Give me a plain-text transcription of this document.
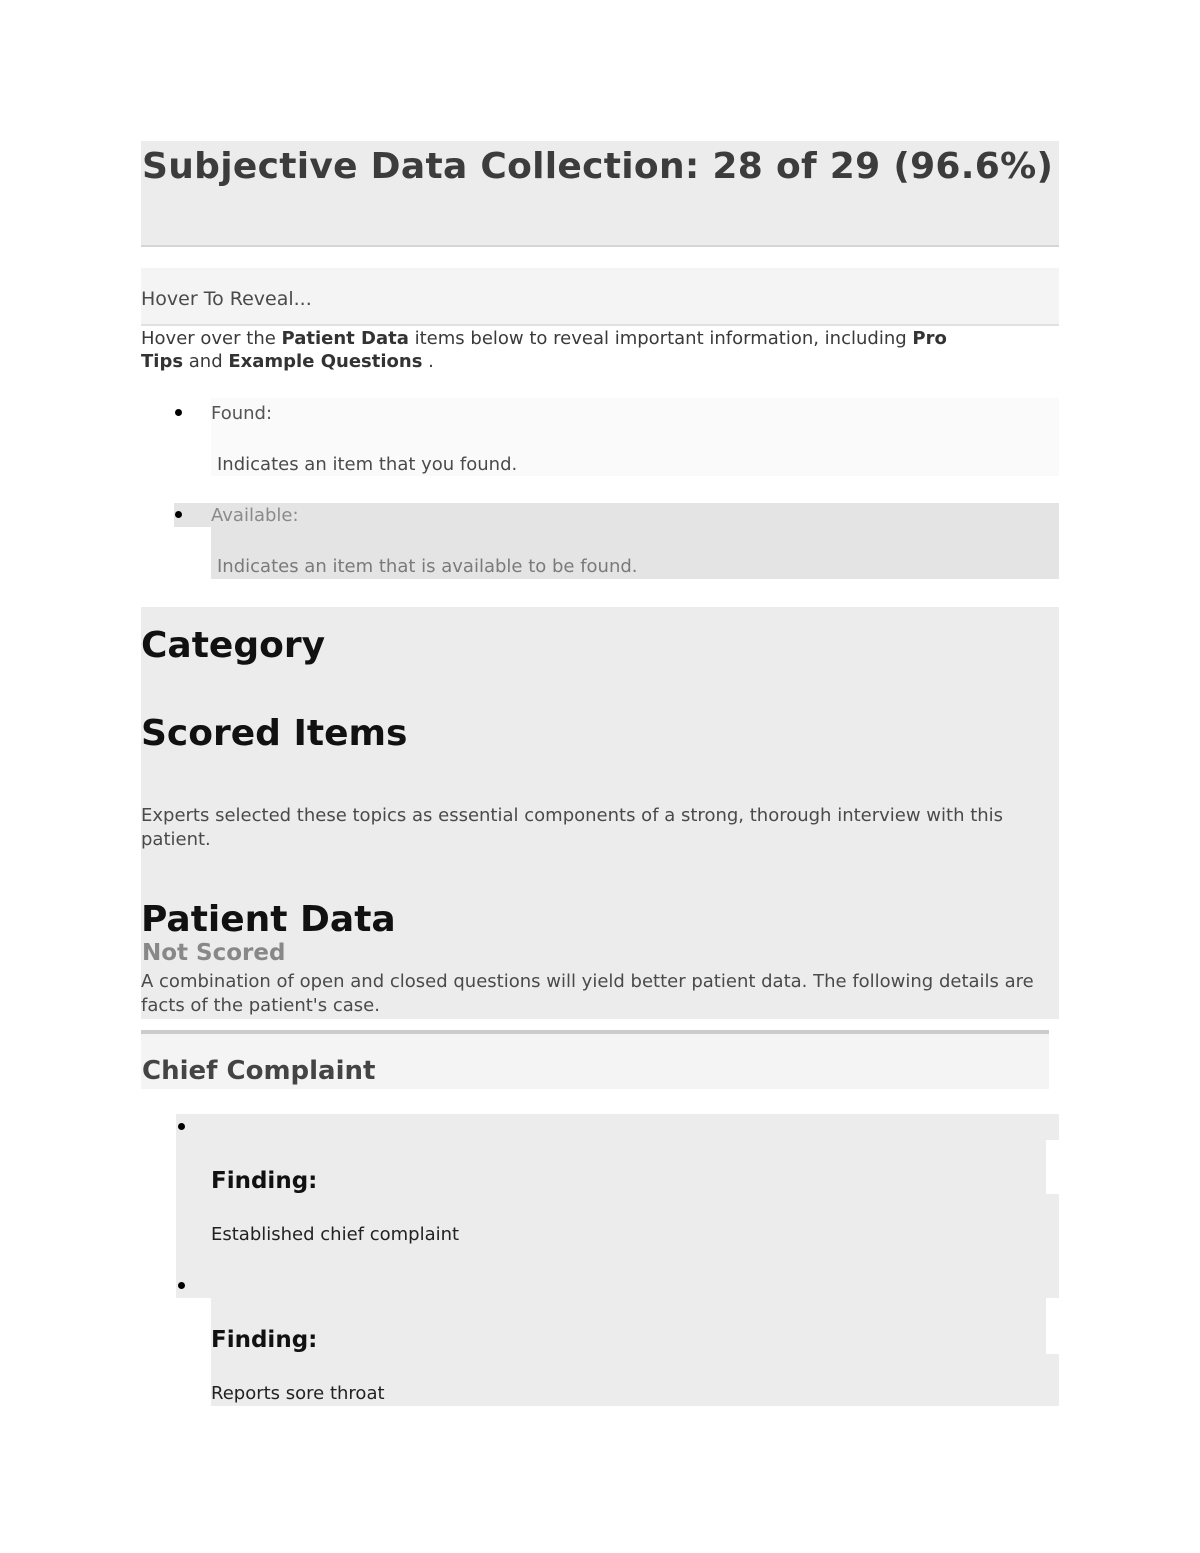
Subjective Data Collection: 28 of 29 (96.6%)
Hover To Reveal...
Hover over the Patient Data items below to reveal important information, including Pro Tips and Example Questions .
Found:
Indicates an item that you found.
Available:
Indicates an item that is available to be found.
Category
Scored Items
Experts selected these topics as essential components of a strong, thorough interview with this patient.
Patient Data
Not Scored
A combination of open and closed questions will yield better patient data. The following details are facts of the patient's case.
Chief Complaint
Finding:
Established chief complaint
Finding:
Reports sore throat
